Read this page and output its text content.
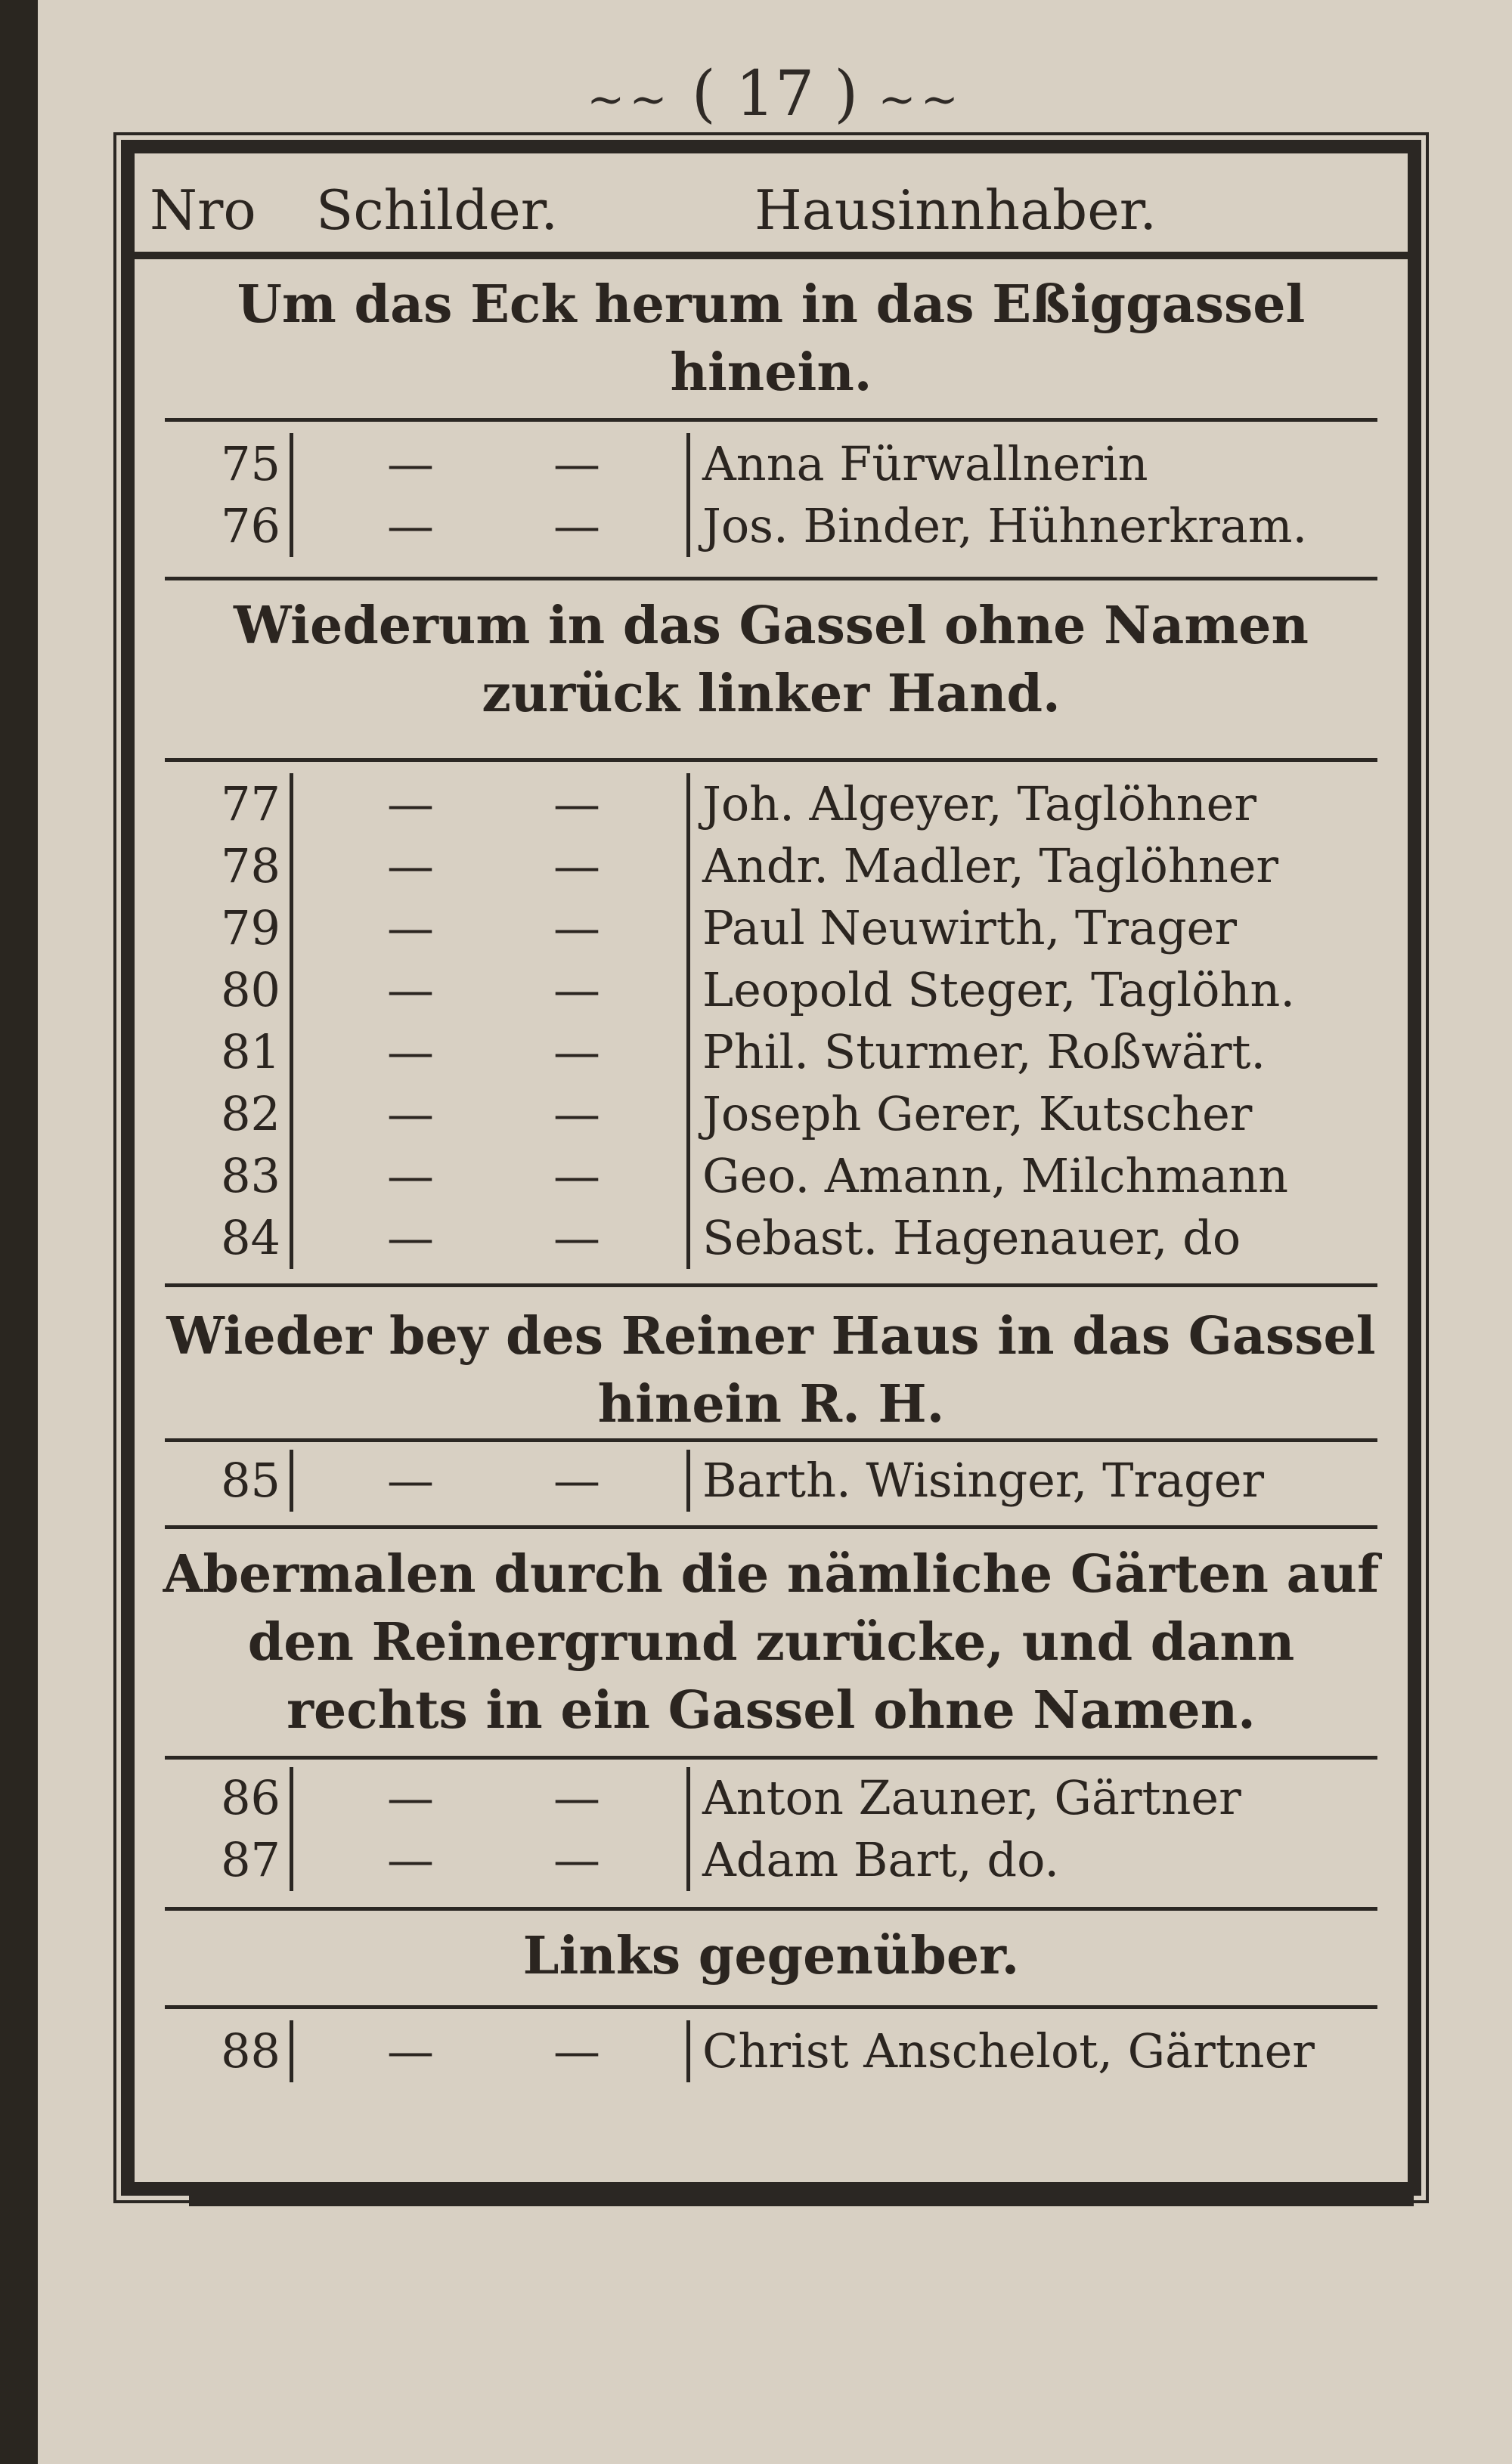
~~ ( 17 ) ~~
Nro Schilder.	Hausinnhaber.
Um das Eck herum in das Eßiggassel hinein.
75	—	—	Anna Fürwallnerin
76	—	—	Jos. Binder, Hühnerkram.
Wiederum in das Gassel ohne Namen zurück linker Hand.
77	—	—	Joh. Algeyer, Taglöhner
78	—	—	Andr. Madler, Taglöhner
79	—	—	Paul Neuwirth, Trager
80	—	—	Leopold Steger, Taglöhn.
81	—	—	Phil. Sturmer, Roßwärt.
82	—	—	Joseph Gerer, Kutscher
83	—	—	Geo. Amann, Milchmann
84	—	—	Sebast. Hagenauer, do
Wieder bey des Reiner Haus in das Gassel hinein R. H.
85	—	—	Barth. Wisinger, Trager
Abermalen durch die nämliche Gärten auf den Reinergrund zurücke, und dann rechts in ein Gassel ohne Namen.
86	—	—	Anton Zauner, Gärtner
87	—	—	Adam Bart, do.
Links gegenüber.
88	—	—	Christ Anschelot, Gärtner
